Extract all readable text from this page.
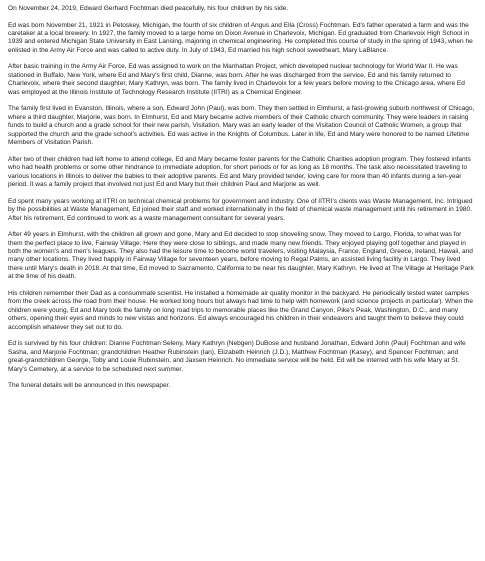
On November 24, 2019, Edward Gerhard Fochtman died peacefully, his four children by his side.

Ed was born November 21, 1921 in Petoskey, Michigan, the fourth of six children of Angus and Ella (Cross) Fochtman. Ed's father operated a farm and was the caretaker at a local brewery. In 1927, the family moved to a large home on Dixon Avenue in Charlevoix, Michigan. Ed graduated from Charlevoix High School in 1939 and entered Michigan State University in East Lansing, majoring in chemical engineering. He completed this course of study in the spring of 1943, when he enlisted in the Army Air Force and was called to active duty. In July of 1943, Ed married his high school sweetheart, Mary LaBlance.

After basic training in the Army Air Force, Ed was assigned to work on the Manhattan Project, which developed nuclear technology for World War II. He was stationed in Buffalo, New York, where Ed and Mary's first child, Dianne, was born. After he was discharged from the service, Ed and his family returned to Charlevoix, where their second daughter, Mary Kathryn, was born. The family lived in Charlevoix for a few years before moving to the Chicago area, where Ed was employed at the Illinois Institute of Technology Research Institute (IITRI) as a Chemical Engineer.

The family first lived in Evanston, Illinois, where a son, Edward John (Paul), was born. They then settled in Elmhurst, a fast-growing suburb northwest of Chicago, where a third daughter, Marjorie, was born. In Elmhurst, Ed and Mary became active members of their Catholic church community. They were leaders in raising funds to build a church and a grade school for their new parish, Visitation. Mary was an early leader of the Visitation Council of Catholic Women, a group that supported the church and the grade school's activities. Ed was active in the Knights of Columbus. Later in life, Ed and Mary were honored to be named Lifetime Members of Visitation Parish.

After two of their children had left home to attend college, Ed and Mary became foster parents for the Catholic Charities adoption program. They fostered infants who had health problems or some other hindrance to immediate adoption, for short periods or for as long as 18 months. The task also necessitated traveling to various locations in Illinois to deliver the babies to their adoptive parents. Ed and Mary provided tender, loving care for more than 40 infants during a ten-year period. It was a family project that involved not just Ed and Mary but their children Paul and Marjorie as well.

Ed spent many years working at IITRI on technical chemical problems for government and industry. One of IITRI's clients was Waste Management, Inc. Intrigued by the possibilities at Waste Management, Ed joined their staff and worked internationally in the field of chemical waste management until his retirement in 1980. After his retirement, Ed continued to work as a waste management consultant for several years.

After 49 years in Elmhurst, with the children all grown and gone, Mary and Ed decided to stop shoveling snow. They moved to Largo, Florida, to what was for them the perfect place to live, Fairway Village. Here they were close to siblings, and made many new friends. They enjoyed playing golf together and played in both the women's and men's leagues. They also had the leisure time to become world travelers, visiting Malaysia, France, England, Greece, Ireland, Hawaii, and many other locations. They lived happily in Fairway Village for seventeen years, before moving to Regal Palms, an assisted living facility in Largo. They lived there until Mary's death in 2018. At that time, Ed moved to Sacramento, California to be near his daughter, Mary Kathryn. He lived at The Village at Heritage Park at the time of his death.

His children remember their Dad as a consummate scientist. He installed a homemade air quality monitor in the backyard. He periodically tested water samples from the creek across the road from their house. He worked long hours but always had time to help with homework (and science projects in particular). When the children were young, Ed and Mary took the family on long road trips to memorable places like the Grand Canyon, Pike's Peak, Washington, D.C., and many others, opening their eyes and minds to new vistas and horizons. Ed always encouraged his children in their endeavors and taught them to believe they could accomplish whatever they set out to do.

Ed is survived by his four children: Dianne Fochtman Seleny, Mary Kathryn (Nebgen) DuBose and husband Jonathan, Edward John (Paul) Fochtman and wife Sasha, and Marjorie Fochtman; grandchildren Heather Rubinstein (Ian), Elizabeth Heinrich (J.D.), Matthew Fochtman (Kasey), and Spencer Fochtman; and great-grandchildren George, Toby and Louie Rubinstein, and Jaxsen Heinrich. No immediate service will be held. Ed will be interred with his wife Mary at St. Mary's Cemetery, at a service to be scheduled next summer.

The funeral details will be announced in this newspaper.
